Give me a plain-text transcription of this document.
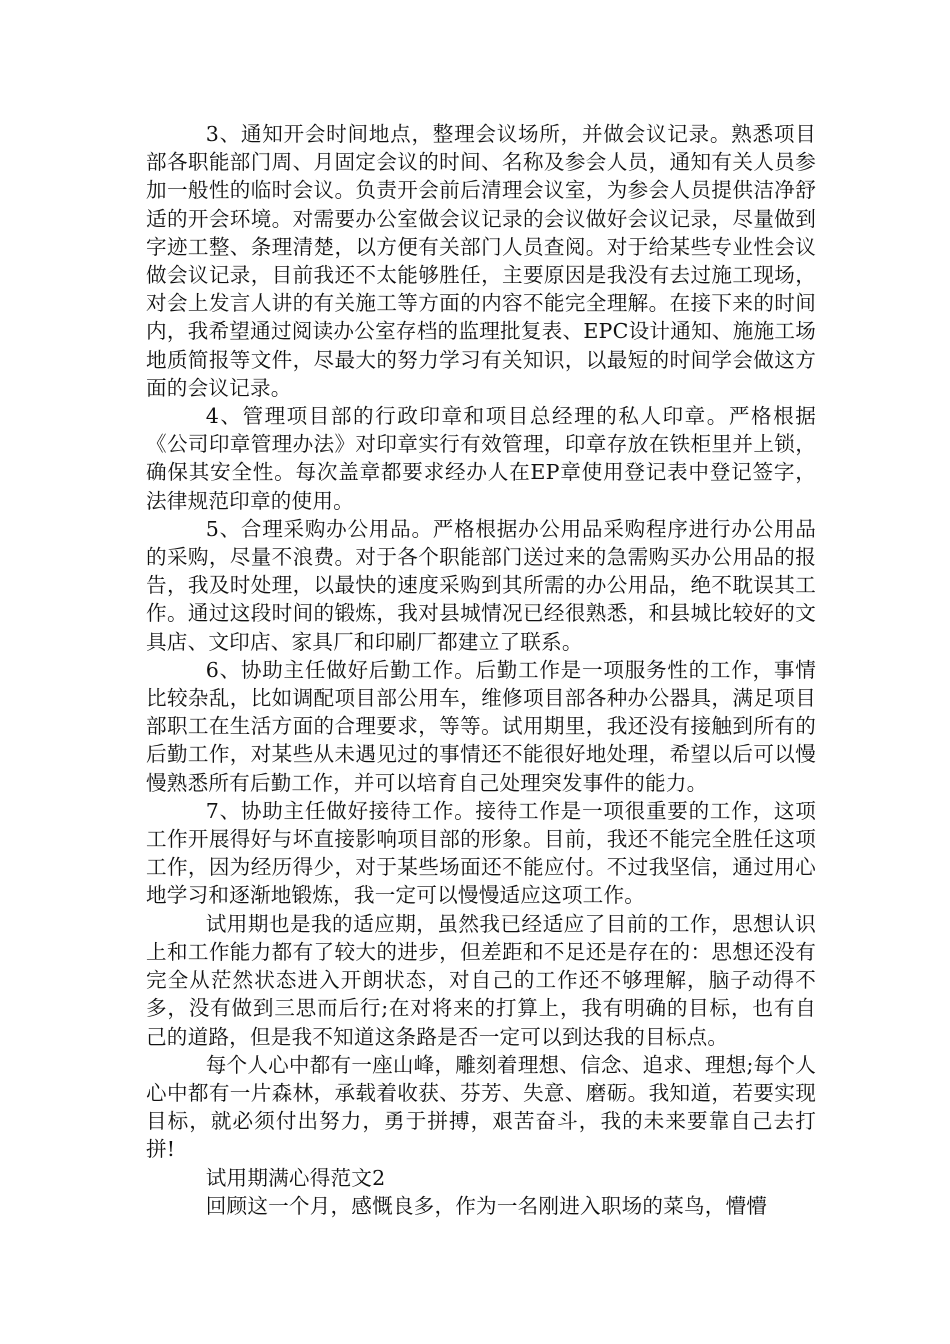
3、通知开会时间地点，整理会议场所，并做会议记录。熟悉项目部各职能部门周、月固定会议的时间、名称及参会人员，通知有关人员参加一般性的临时会议。负责开会前后清理会议室，为参会人员提供洁净舒适的开会环境。对需要办公室做会议记录的会议做好会议记录，尽量做到字迹工整、条理清楚，以方便有关部门人员查阅。对于给某些专业性会议做会议记录，目前我还不太能够胜任，主要原因是我没有去过施工现场，对会上发言人讲的有关施工等方面的内容不能完全理解。在接下来的时间内，我希望通过阅读办公室存档的监理批复表、EPC设计通知、施施工场地质简报等文件，尽最大的努力学习有关知识，以最短的时间学会做这方面的会议记录。

4、管理项目部的行政印章和项目总经理的私人印章。严格根据《公司印章管理办法》对印章实行有效管理，印章存放在铁柜里并上锁，确保其安全性。每次盖章都要求经办人在EP章使用登记表中登记签字，法律规范印章的使用。

5、合理采购办公用品。严格根据办公用品采购程序进行办公用品的采购，尽量不浪费。对于各个职能部门送过来的急需购买办公用品的报告，我及时处理，以最快的速度采购到其所需的办公用品，绝不耽误其工作。通过这段时间的锻炼，我对县城情况已经很熟悉，和县城比较好的文具店、文印店、家具厂和印刷厂都建立了联系。

6、协助主任做好后勤工作。后勤工作是一项服务性的工作，事情比较杂乱，比如调配项目部公用车，维修项目部各种办公器具，满足项目部职工在生活方面的合理要求，等等。试用期里，我还没有接触到所有的后勤工作，对某些从未遇见过的事情还不能很好地处理，希望以后可以慢慢熟悉所有后勤工作，并可以培育自己处理突发事件的能力。

7、协助主任做好接待工作。接待工作是一项很重要的工作，这项工作开展得好与坏直接影响项目部的形象。目前，我还不能完全胜任这项工作，因为经历得少，对于某些场面还不能应付。不过我坚信，通过用心地学习和逐渐地锻炼，我一定可以慢慢适应这项工作。

试用期也是我的适应期，虽然我已经适应了目前的工作，思想认识上和工作能力都有了较大的进步，但差距和不足还是存在的：思想还没有完全从茫然状态进入开朗状态，对自己的工作还不够理解，脑子动得不多，没有做到三思而后行;在对将来的打算上，我有明确的目标，也有自己的道路，但是我不知道这条路是否一定可以到达我的目标点。

每个人心中都有一座山峰，雕刻着理想、信念、追求、理想;每个人心中都有一片森林，承载着收获、芬芳、失意、磨砺。我知道，若要实现目标，就必须付出努力，勇于拼搏，艰苦奋斗，我的未来要靠自己去打拼!

试用期满心得范文2

回顾这一个月，感慨良多，作为一名刚进入职场的菜鸟，懵懵
